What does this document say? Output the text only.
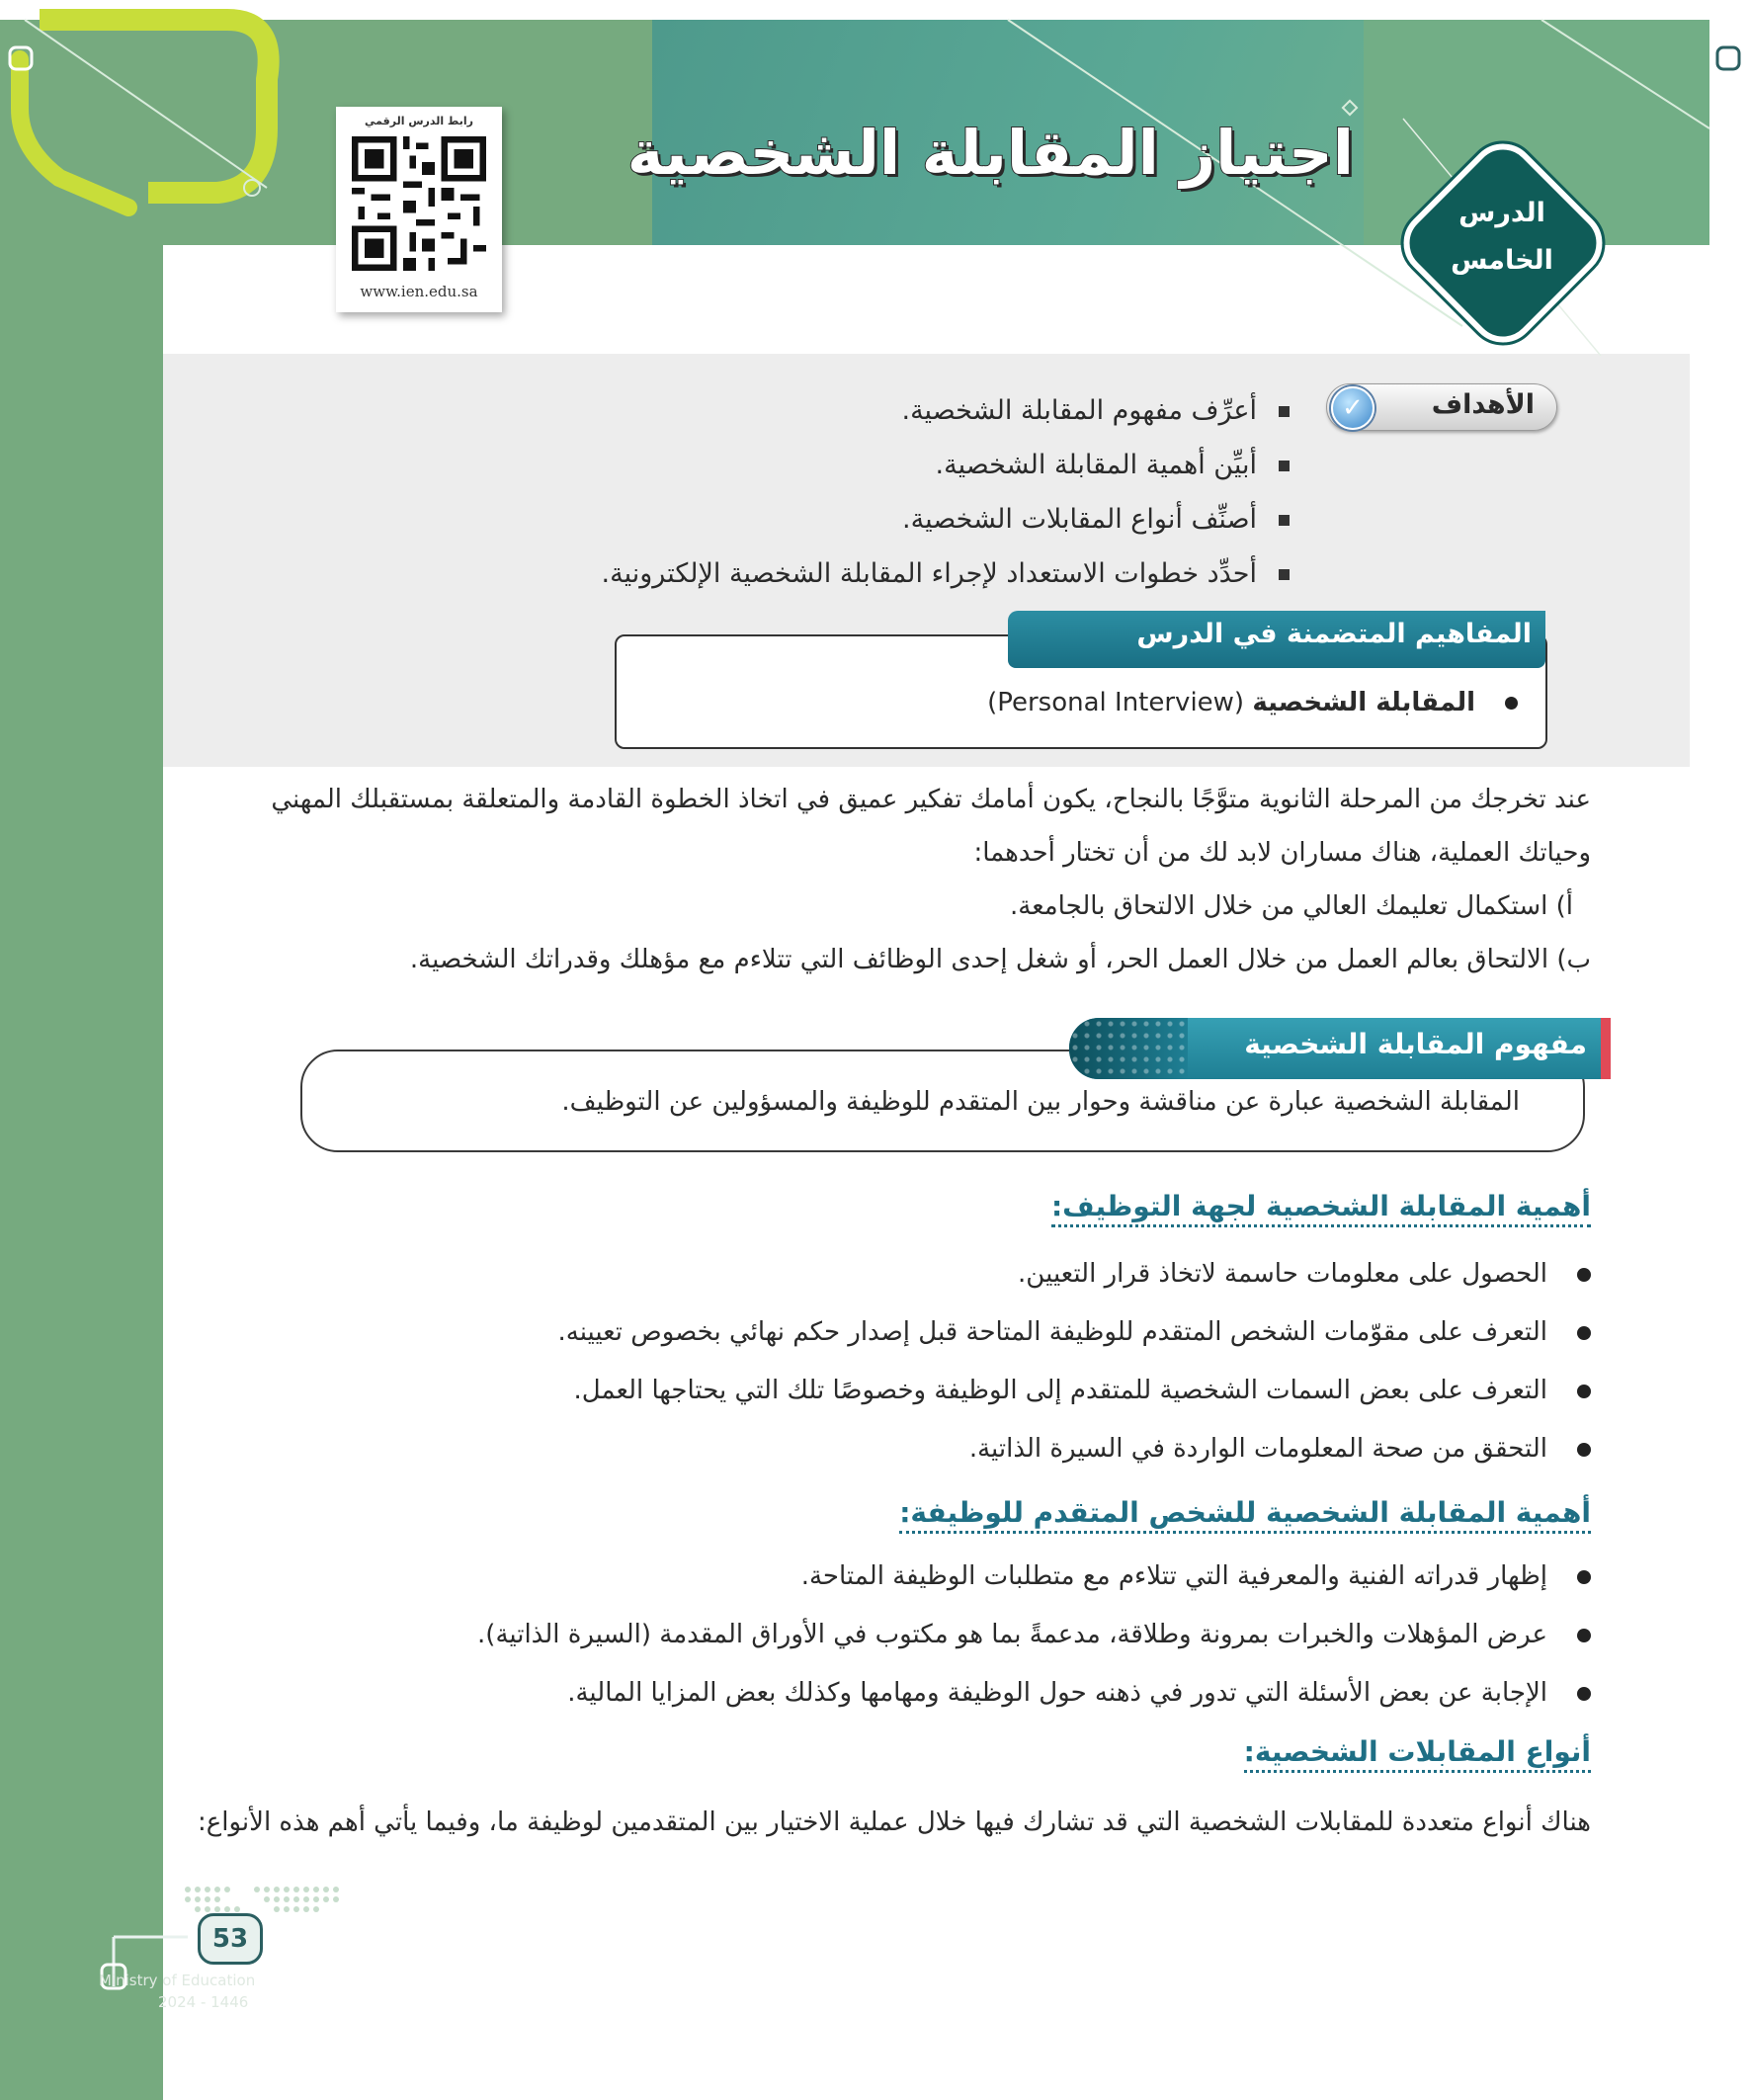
رابط الدرس الرقمي
www.ien.edu.sa
اجتياز المقابلة الشخصية
الدرس
الخامس
الأهداف
✓
أعرِّف مفهوم المقابلة الشخصية.
أبيِّن أهمية المقابلة الشخصية.
أصنِّف أنواع المقابلات الشخصية.
أحدِّد خطوات الاستعداد لإجراء المقابلة الشخصية الإلكترونية.
المقابلة الشخصية (Personal Interview)
المفاهيم المتضمنة في الدرس

عند تخرجك من المرحلة الثانوية متوَّجًا بالنجاح، يكون أمامك تفكير عميق في اتخاذ الخطوة القادمة والمتعلقة بمستقبلك المهني وحياتك العملية، هناك مساران لابد لك من أن تختار أحدهما:

أ) استكمال تعليمك العالي من خلال الالتحاق بالجامعة.

ب) الالتحاق بعالم العمل من خلال العمل الحر، أو شغل إحدى الوظائف التي تتلاءم مع مؤهلك وقدراتك الشخصية.

المقابلة الشخصية عبارة عن مناقشة وحوار بين المتقدم للوظيفة والمسؤولين عن التوظيف.
مفهوم المقابلة الشخصية
أهمية المقابلة الشخصية لجهة التوظيف:
الحصول على معلومات حاسمة لاتخاذ قرار التعيين.
التعرف على مقوّمات الشخص المتقدم للوظيفة المتاحة قبل إصدار حكم نهائي بخصوص تعيينه.
التعرف على بعض السمات الشخصية للمتقدم إلى الوظيفة وخصوصًا تلك التي يحتاجها العمل.
التحقق من صحة المعلومات الواردة في السيرة الذاتية.
أهمية المقابلة الشخصية للشخص المتقدم للوظيفة:
إظهار قدراته الفنية والمعرفية التي تتلاءم مع متطلبات الوظيفة المتاحة.
عرض المؤهلات والخبرات بمرونة وطلاقة، مدعمةً بما هو مكتوب في الأوراق المقدمة (السيرة الذاتية).
الإجابة عن بعض الأسئلة التي تدور في ذهنه حول الوظيفة ومهامها وكذلك بعض المزايا المالية.
أنواع المقابلات الشخصية:

هناك أنواع متعددة للمقابلات الشخصية التي قد تشارك فيها خلال عملية الاختيار بين المتقدمين لوظيفة ما، وفيما يأتي أهم هذه الأنواع:

53
Ministry of Education
2024 - 1446
